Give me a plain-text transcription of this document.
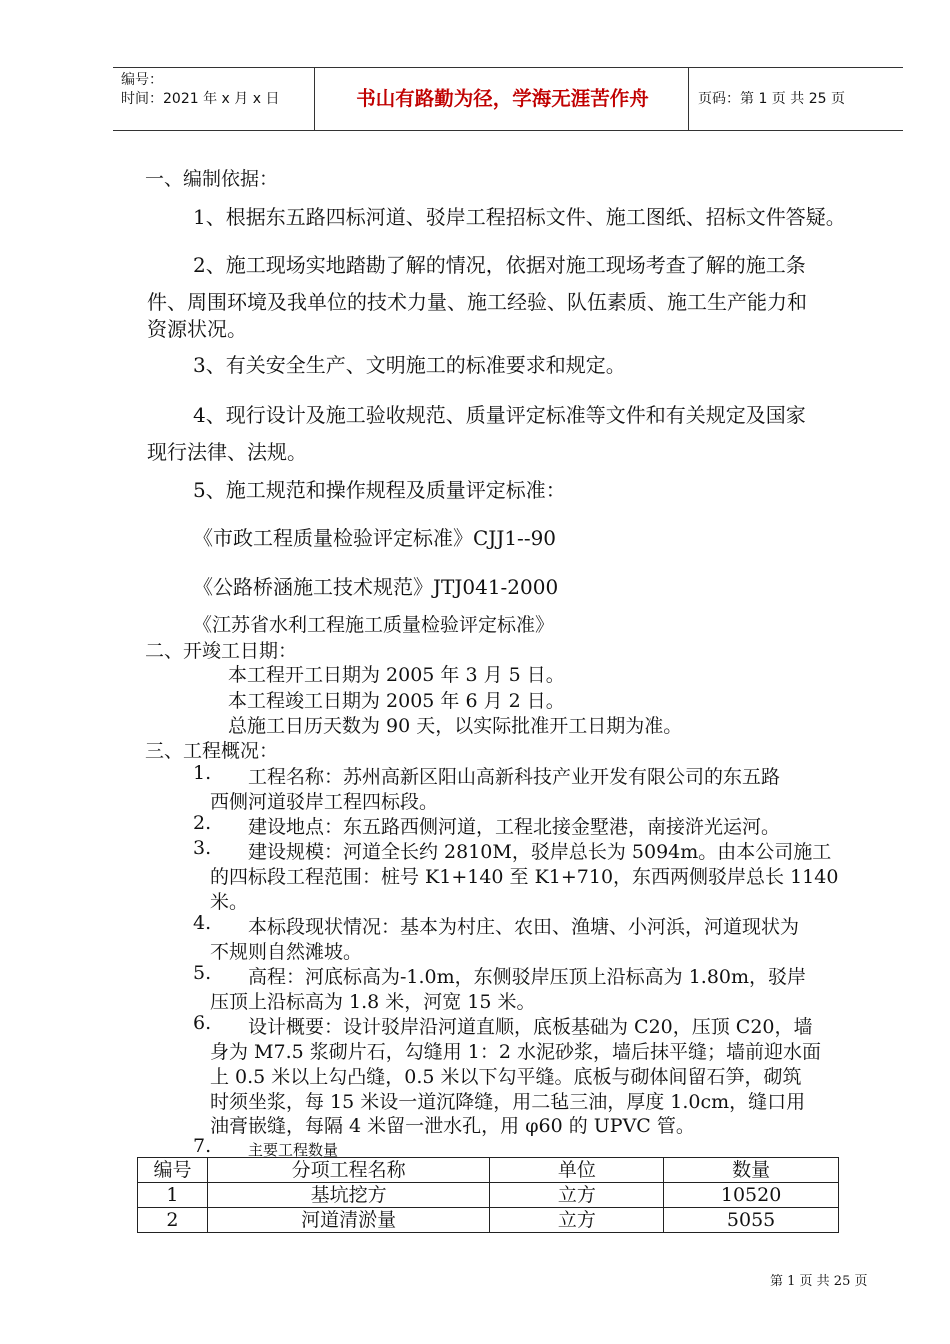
编号：
时间：2021 年 x 月 x 日	书山有路勤为径，学海无涯苦作舟	页码：第 1 页 共 25 页
一、编制依据：
1、根据东五路四标河道、驳岸工程招标文件、施工图纸、招标文件答疑。
2、施工现场实地踏勘了解的情况，依据对施工现场考查了解的施工条
件、周围环境及我单位的技术力量、施工经验、队伍素质、施工生产能力和
资源状况。
3、有关安全生产、文明施工的标准要求和规定。
4、现行设计及施工验收规范、质量评定标准等文件和有关规定及国家
现行法律、法规。
5、施工规范和操作规程及质量评定标准：
《市政工程质量检验评定标准》CJJ1--90
《公路桥涵施工技术规范》JTJ041-2000
《江苏省水利工程施工质量检验评定标准》
二、开竣工日期：
本工程开工日期为 2005 年 3 月 5 日。
本工程竣工日期为 2005 年 6 月 2 日。
总施工日历天数为 90 天，以实际批准开工日期为准。
三、工程概况：
1. 工程名称：苏州高新区阳山高新科技产业开发有限公司的东五路
西侧河道驳岸工程四标段。
2. 建设地点：东五路西侧河道，工程北接金墅港，南接浒光运河。
3. 建设规模：河道全长约 2810M，驳岸总长为 5094m。由本公司施工
的四标段工程范围：桩号 K1+140 至 K1+710，东西两侧驳岸总长 1140
米。
4. 本标段现状情况：基本为村庄、农田、渔塘、小河浜，河道现状为
不规则自然滩坡。
5. 高程：河底标高为-1.0m，东侧驳岸压顶上沿标高为 1.80m，驳岸
压顶上沿标高为 1.8 米，河宽 15 米。
6. 设计概要：设计驳岸沿河道直顺，底板基础为 C20，压顶 C20，墙
身为 M7.5 浆砌片石，勾缝用 1：2 水泥砂浆，墙后抹平缝；墙前迎水面
上 0.5 米以上勾凸缝，0.5 米以下勾平缝。底板与砌体间留石笋，砌筑
时须坐浆，每 15 米设一道沉降缝，用二毡三油，厚度 1.0cm，缝口用
油膏嵌缝，每隔 4 米留一泄水孔，用 φ60 的 UPVC 管。
7. 主要工程数量
编号	分项工程名称	单位	数量
1	基坑挖方	立方	10520
2	河道清淤量	立方	5055
第 1 页 共 25 页
